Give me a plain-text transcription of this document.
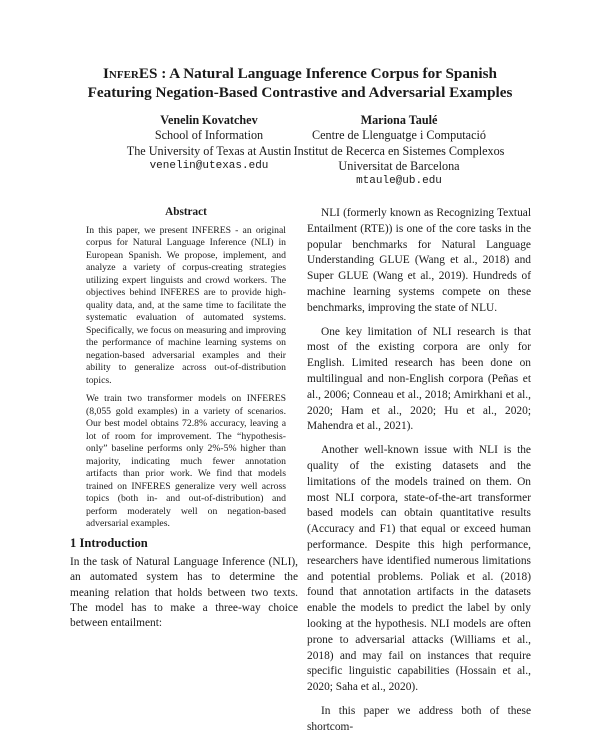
InferES : A Natural Language Inference Corpus for Spanish
Featuring Negation-Based Contrastive and Adversarial Examples
Venelin Kovatchev
School of Information
The University of Texas at Austin
venelin@utexas.edu
Mariona Taulé
Centre de Llenguatge i Computació
Institut de Recerca en Sistemes Complexos
Universitat de Barcelona
mtaule@ub.edu
Abstract

In this paper, we present INFERES - an original corpus for Natural Language Inference (NLI) in European Spanish. We propose, implement, and analyze a variety of corpus-creating strategies utilizing expert linguists and crowd workers. The objectives behind INFERES are to provide high-quality data, and, at the same time to facilitate the systematic evaluation of automated systems. Specifically, we focus on measuring and improving the performance of machine learning systems on negation-based adversarial examples and their ability to generalize across out-of-distribution topics.

We train two transformer models on INFERES (8,055 gold examples) in a variety of scenarios. Our best model obtains 72.8% accuracy, leaving a lot of room for improvement. The “hypothesis-only” baseline performs only 2%-5% higher than majority, indicating much fewer annotation artifacts than prior work. We find that models trained on INFERES generalize very well across topics (both in- and out-of-distribution) and perform moderately well on negation-based adversarial examples.

1 Introduction

In the task of Natural Language Inference (NLI), an automated system has to determine the meaning relation that holds between two texts. The model has to make a three-way choice between entailment:

NLI (formerly known as Recognizing Textual Entailment (RTE)) is one of the core tasks in the popular benchmarks for Natural Language Understanding GLUE (Wang et al., 2018) and Super GLUE (Wang et al., 2019). Hundreds of machine learning systems compete on these benchmarks, improving the state of NLU.

One key limitation of NLI research is that most of the existing corpora are only for English. Limited research has been done on multilingual and non-English corpora (Peñas et al., 2006; Conneau et al., 2018; Amirkhani et al., 2020; Ham et al., 2020; Hu et al., 2020; Mahendra et al., 2021).

Another well-known issue with NLI is the quality of the existing datasets and the limitations of the models trained on them. On most NLI corpora, state-of-the-art transformer based models can obtain quantitative results (Accuracy and F1) that equal or exceed human performance. Despite this high performance, researchers have identified numerous limitations and potential problems. Poliak et al. (2018) found that annotation artifacts in the datasets enable the models to predict the label by only looking at the hypothesis. NLI models are often prone to adversarial attacks (Williams et al., 2018) and may fail on instances that require specific linguistic capabilities (Hossain et al., 2020; Saha et al., 2020).

In this paper we address both of these shortcom-
